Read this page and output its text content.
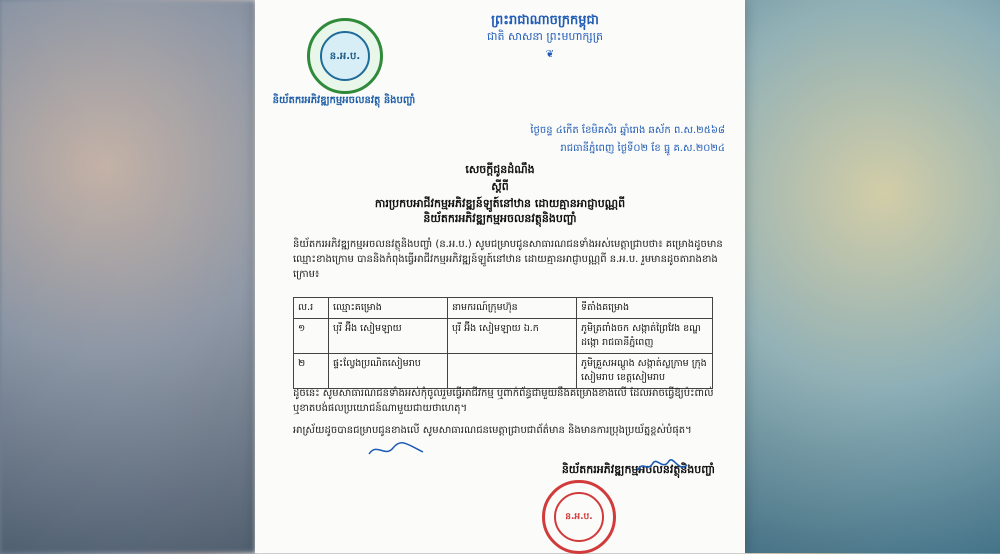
ន.អ.ប.
និយ័តករអភិវឌ្ឍកម្មអចលនវត្ថុ និងបញ្ចាំ
ព្រះរាជាណាចក្រកម្ពុជា
ជាតិ សាសនា ព្រះមហាក្សត្រ
❦
ថ្ងៃ​ចន្ទ ៤កើត ខែ​មិគសិរ ឆ្នាំ​រោង ឆស័ក ព.ស.២៥៦៨
រាជធានី​ភ្នំពេញ ថ្ងៃទី០២ ខែ ធ្នូ គ.ស.២០២៤
សេចក្ដីជូនដំណឹង
ស្ដីពី
ការប្រកបអាជីវកម្មអភិវឌ្ឍន៍ឡូត៍នៅឋាន ដោយគ្មានអាជ្ញាបណ្ណពី
និយ័តករអភិវឌ្ឍកម្មអចលនវត្ថុនិងបញ្ចាំ
និយ័តករអភិវឌ្ឍកម្មអចលនវត្ថុនិងបញ្ចាំ (ន.អ.ប.) សូមជម្រាបជូនសាធារណជនទាំងអស់មេត្តាជ្រាបថា៖ គម្រោងដូចមានឈ្មោះខាងក្រោម បាននិងកំពុងធ្វើអាជីវកម្មអភិវឌ្ឍន៍ឡូត៍នៅឋាន ដោយគ្មានអាជ្ញាបណ្ណពី ន.អ.ប. រួមមានដូចតារាងខាងក្រោម៖
ល.រ	ឈ្មោះគម្រោង	នាមករណ៍ក្រុមហ៊ុន	ទីតាំងគម្រោង
១	បុរី អ៊ីង សៀមឡាយ	បុរី អ៊ីង សៀមឡាយ ឯ.ក	ភូមិត្រពាំងចក សង្កាត់ព្រៃវែង ខណ្ឌដង្កោ រាជធានីភ្នំពេញ
២	ផ្ទះល្វែងប្រណិតសៀមរាប		ភូមិគ្រួសអណ្ដូង សង្កាត់ស្លក្រាម ក្រុងសៀមរាប ខេត្តសៀមរាប
ដូចនេះ សូមសាធារណជនទាំងអស់កុំចូលរួមធ្វើអាជីវកម្ម ឬពាក់ព័ន្ធជាមួយនឹងគម្រោងខាងលើ ដែលអាចធ្វើឱ្យប៉ះពាល់ ឬខាតបង់ផលប្រយោជន៍ណាមួយជាយថាហេតុ។
អាស្រ័យដូចបានជម្រាបជូនខាងលើ សូមសាធារណជនមេត្តាជ្រាបជាព័ត៌មាន និងមានការប្រុងប្រយ័ត្នខ្ពស់បំផុត។
និយ័តករអភិវឌ្ឍកម្មអចលនវត្ថុនិងបញ្ចាំ
ន.អ.ប.
